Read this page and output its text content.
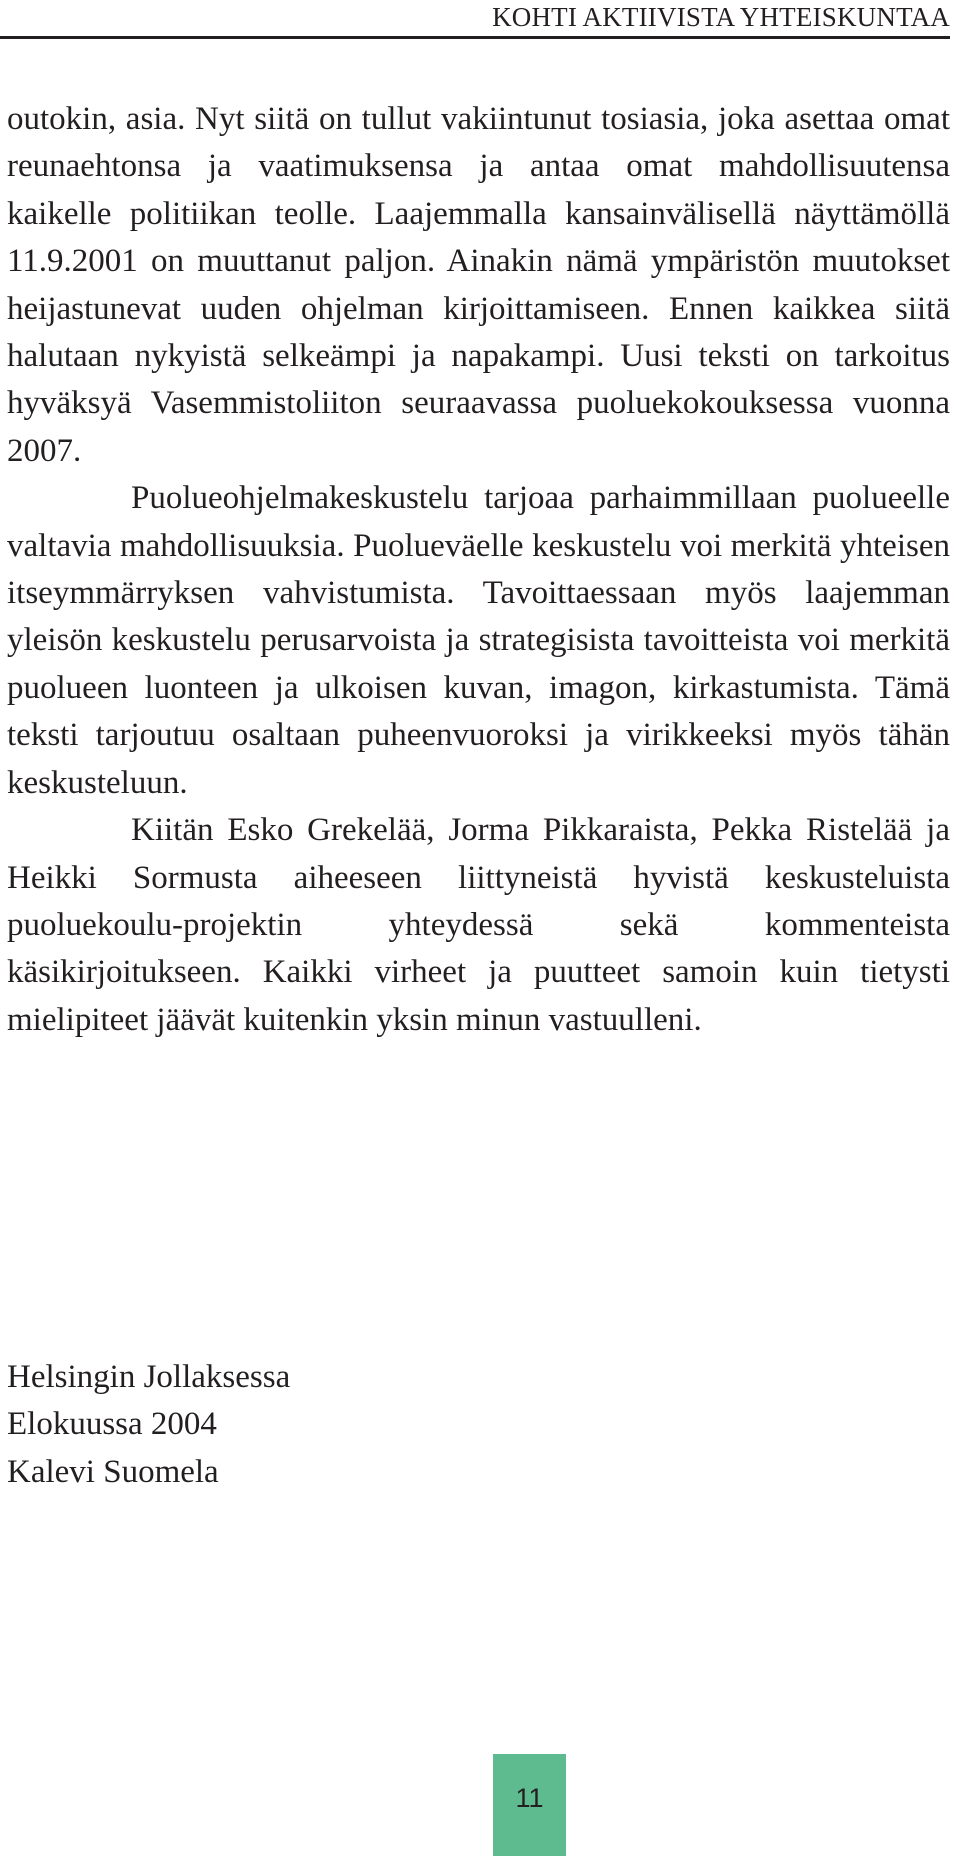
KOHTI AKTIIVISTA YHTEISKUNTAA

outokin, asia. Nyt siitä on tullut vakiintunut tosiasia, joka asettaa omat reunaehtonsa ja vaatimuksensa ja antaa omat mahdollisuutensa kaikelle politiikan teolle. Laajemmalla kansainvälisellä näyttämöllä 11.9.2001 on muuttanut paljon. Ainakin nämä ympäristön muutokset heijastunevat uuden ohjelman kirjoittamiseen. Ennen kaikkea siitä halutaan nykyistä selkeämpi ja napakampi. Uusi teksti on tarkoitus hyväksyä Vasemmistoliiton seuraavassa puoluekokouksessa vuonna 2007.

Puolueohjelmakeskustelu tarjoaa parhaimmillaan puolueelle valtavia mahdollisuuksia. Puolueväelle keskustelu voi merkitä yhteisen itseymmärryksen vahvistumista. Tavoittaessaan myös laajemman yleisön keskustelu perusarvoista ja strategisista tavoitteista voi merkitä puolueen luonteen ja ulkoisen kuvan, imagon, kirkastumista. Tämä teksti tarjoutuu osaltaan puheenvuoroksi ja virikkeeksi myös tähän keskusteluun.

Kiitän Esko Grekelää, Jorma Pikkaraista, Pekka Ristelää ja Heikki Sormusta aiheeseen liittyneistä hyvistä keskusteluista puoluekoulu-projektin yhteydessä sekä kommenteista käsikirjoitukseen. Kaikki virheet ja puutteet samoin kuin tietysti mielipiteet jäävät kuitenkin yksin minun vastuulleni.

Helsingin Jollaksessa
Elokuussa 2004
Kalevi Suomela
11
